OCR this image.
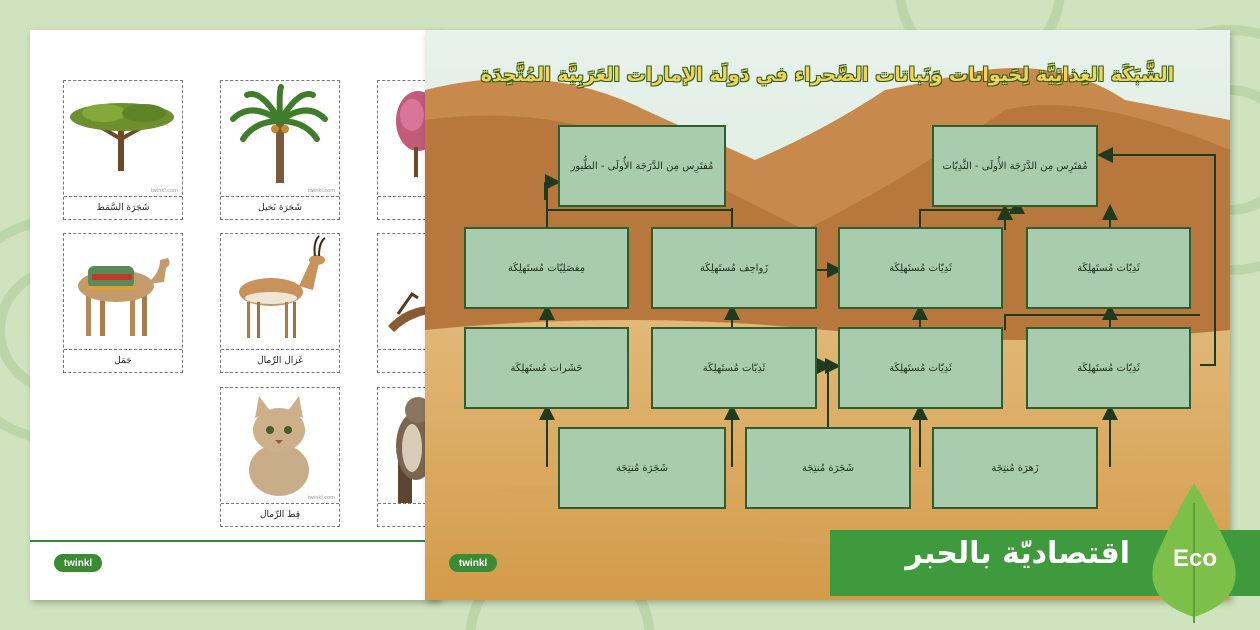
twinkl.com
شَجَرَة السَّمَط
جَمَل
twinkl.com
شَجَرَة نَخيل
غَزال الرِّمال
twinkl.com
قِط الرِّمال
twinkl
الشَّبَكَة الغِذائِيَّة لِحَيوانات وَنَباتات الصَّحراء في دَولَة الإمارات العَرَبِيَّة المُتَّحِدَة
مُفتَرِس مِن الدَّرَجَة الأُولَى - الطُّيور	مُفتَرِس مِن الدَّرَجَة الأُولَى - الثَّدِيّات
مِفصَلِيّات مُستَهلِكَة	زَواحِف مُستَهلِكَة	ثَدِيّات مُستَهلِكَة	ثَدِيّات مُستَهلِكَة
حَشَرات مُستَهلِكَة	ثَدِيّات مُستَهلِكَة	ثَدِيّات مُستَهلِكَة	ثَدِيّات مُستَهلِكَة
شَجَرَة مُنتِجَة	شَجَرَة مُنتِجَة	زَهرَة مُنتِجَة
twinkl	اقتصاديّة بالحبر	Eco
